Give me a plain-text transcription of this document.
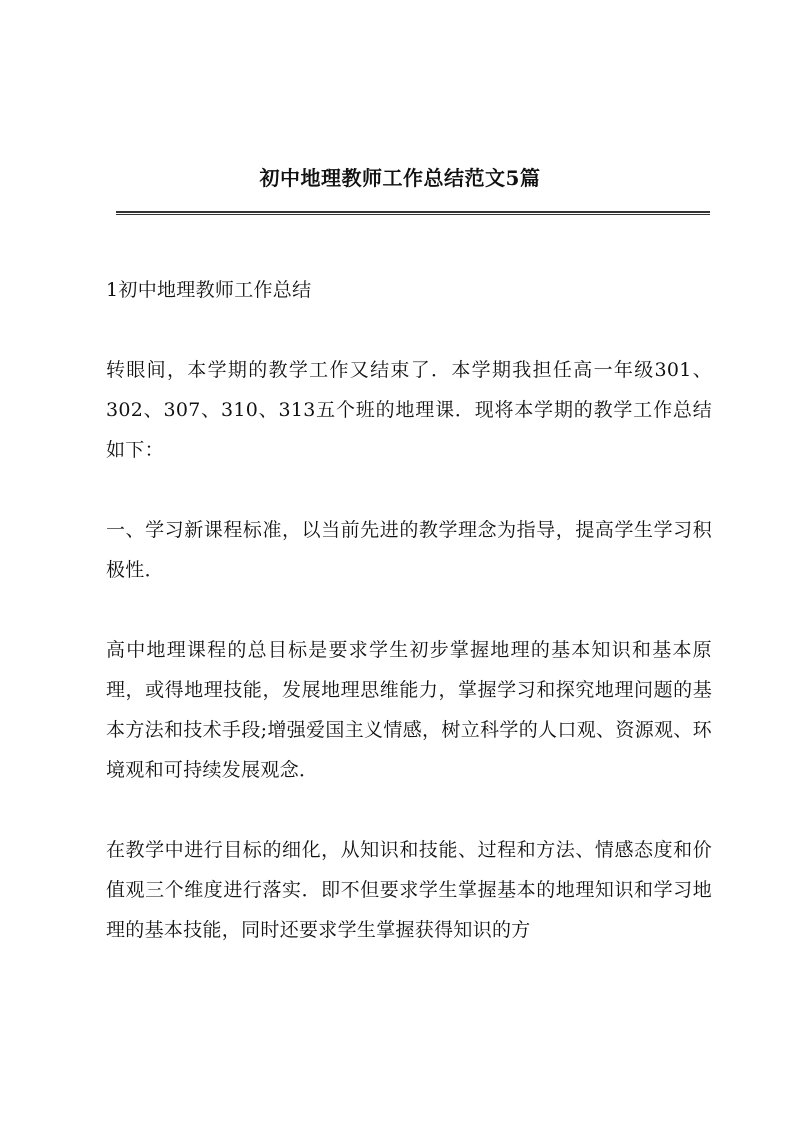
初中地理教师工作总结范文5篇

1初中地理教师工作总结

转眼间，本学期的教学工作又结束了．本学期我担任高一年级301、302、307、310、313五个班的地理课．现将本学期的教学工作总结如下：

一、学习新课程标准，以当前先进的教学理念为指导，提高学生学习积极性．

高中地理课程的总目标是要求学生初步掌握地理的基本知识和基本原理，或得地理技能，发展地理思维能力，掌握学习和探究地理问题的基本方法和技术手段;增强爱国主义情感，树立科学的人口观、资源观、环境观和可持续发展观念．

在教学中进行目标的细化，从知识和技能、过程和方法、情感态度和价值观三个维度进行落实．即不但要求学生掌握基本的地理知识和学习地理的基本技能，同时还要求学生掌握获得知识的方
